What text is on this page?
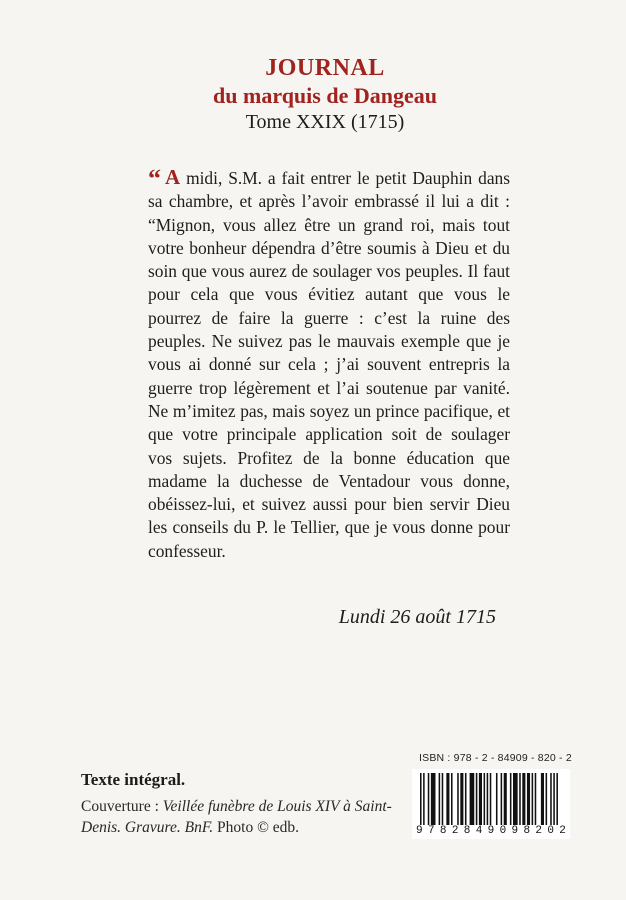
JOURNAL
du marquis de Dangeau
Tome XXIX (1715)
“ A midi, S.M. a fait entrer le petit Dauphin dans sa chambre, et après l’avoir embrassé il lui a dit : “Mignon, vous allez être un grand roi, mais tout votre bonheur dépendra d’être soumis à Dieu et du soin que vous aurez de soulager vos peuples. Il faut pour cela que vous évitiez autant que vous le pourrez de faire la guerre : c’est la ruine des peuples. Ne suivez pas le mauvais exemple que je vous ai donné sur cela ; j’ai souvent entrepris la guerre trop légèrement et l’ai soutenue par vanité. Ne m’imitez pas, mais soyez un prince pacifique, et que votre principale application soit de soulager vos sujets. Profitez de la bonne éducation que madame la duchesse de Ventadour vous donne, obéissez-lui, et suivez aussi pour bien servir Dieu les conseils du P. le Tellier, que je vous donne pour confesseur.
Lundi 26 août 1715
Texte intégral.
Couverture : Veillée funèbre de Louis XIV à Saint-Denis. Gravure. BnF. Photo © edb.
ISBN : 978 - 2 - 84909 - 820 - 2
9 7 8 2 8 4 9 0 9 8 2 0 2
